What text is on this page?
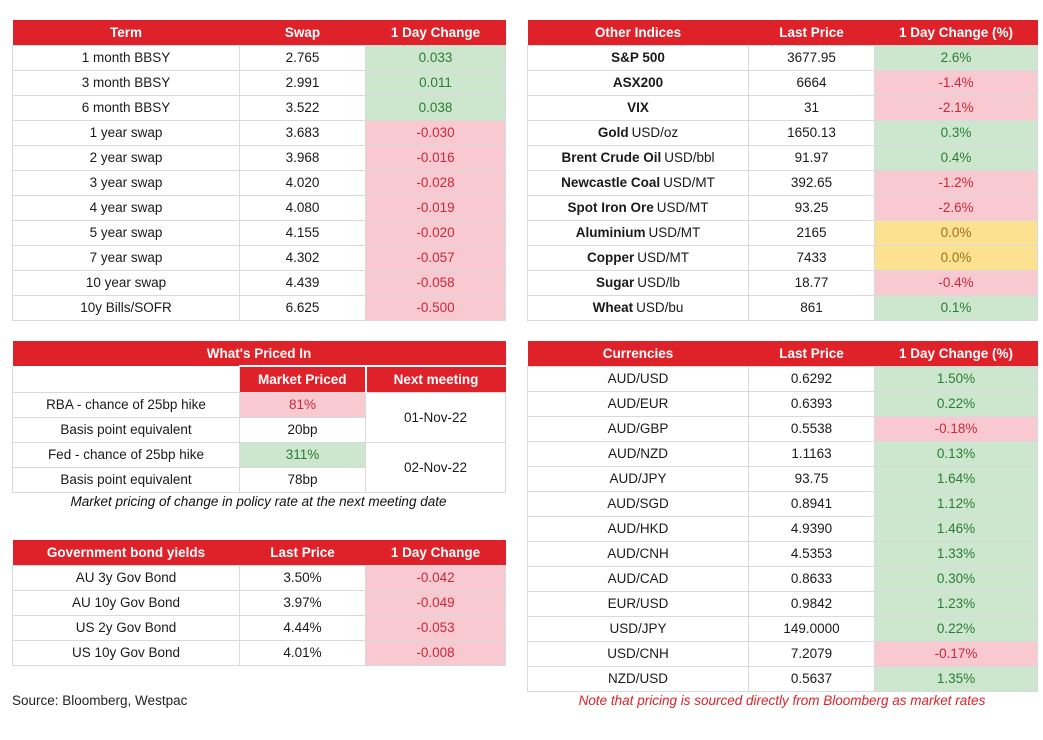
Term	Swap	1 Day Change
1 month BBSY	2.765	0.033
3 month BBSY	2.991	0.011
6 month BBSY	3.522	0.038
1 year swap	3.683	-0.030
2 year swap	3.968	-0.016
3 year swap	4.020	-0.028
4 year swap	4.080	-0.019
5 year swap	4.155	-0.020
7 year swap	4.302	-0.057
10 year swap	4.439	-0.058
10y Bills/SOFR	6.625	-0.500
Other Indices	Last Price	1 Day Change (%)
S&P 500	3677.95	2.6%
ASX200	6664	-1.4%
VIX	31	-2.1%
Gold USD/oz	1650.13	0.3%
Brent Crude Oil USD/bbl	91.97	0.4%
Newcastle Coal USD/MT	392.65	-1.2%
Spot Iron Ore USD/MT	93.25	-2.6%
Aluminium USD/MT	2165	0.0%
Copper USD/MT	7433	0.0%
Sugar USD/lb	18.77	-0.4%
Wheat USD/bu	861	0.1%
What's Priced In		
	Market Priced	Next meeting
RBA - chance of 25bp hike	81%	01-Nov-22
Basis point equivalent	20bp	
Fed - chance of 25bp hike	311%	02-Nov-22
Basis point equivalent	78bp	
Market pricing of change in policy rate at the next meeting date
Government bond yields	Last Price	1 Day Change
AU 3y Gov Bond	3.50%	-0.042
AU 10y Gov Bond	3.97%	-0.049
US 2y Gov Bond	4.44%	-0.053
US 10y Gov Bond	4.01%	-0.008
Currencies	Last Price	1 Day Change (%)
AUD/USD	0.6292	1.50%
AUD/EUR	0.6393	0.22%
AUD/GBP	0.5538	-0.18%
AUD/NZD	1.1163	0.13%
AUD/JPY	93.75	1.64%
AUD/SGD	0.8941	1.12%
AUD/HKD	4.9390	1.46%
AUD/CNH	4.5353	1.33%
AUD/CAD	0.8633	0.30%
EUR/USD	0.9842	1.23%
USD/JPY	149.0000	0.22%
USD/CNH	7.2079	-0.17%
NZD/USD	0.5637	1.35%
Source: Bloomberg, Westpac	Note that pricing is sourced directly from Bloomberg as market rates
